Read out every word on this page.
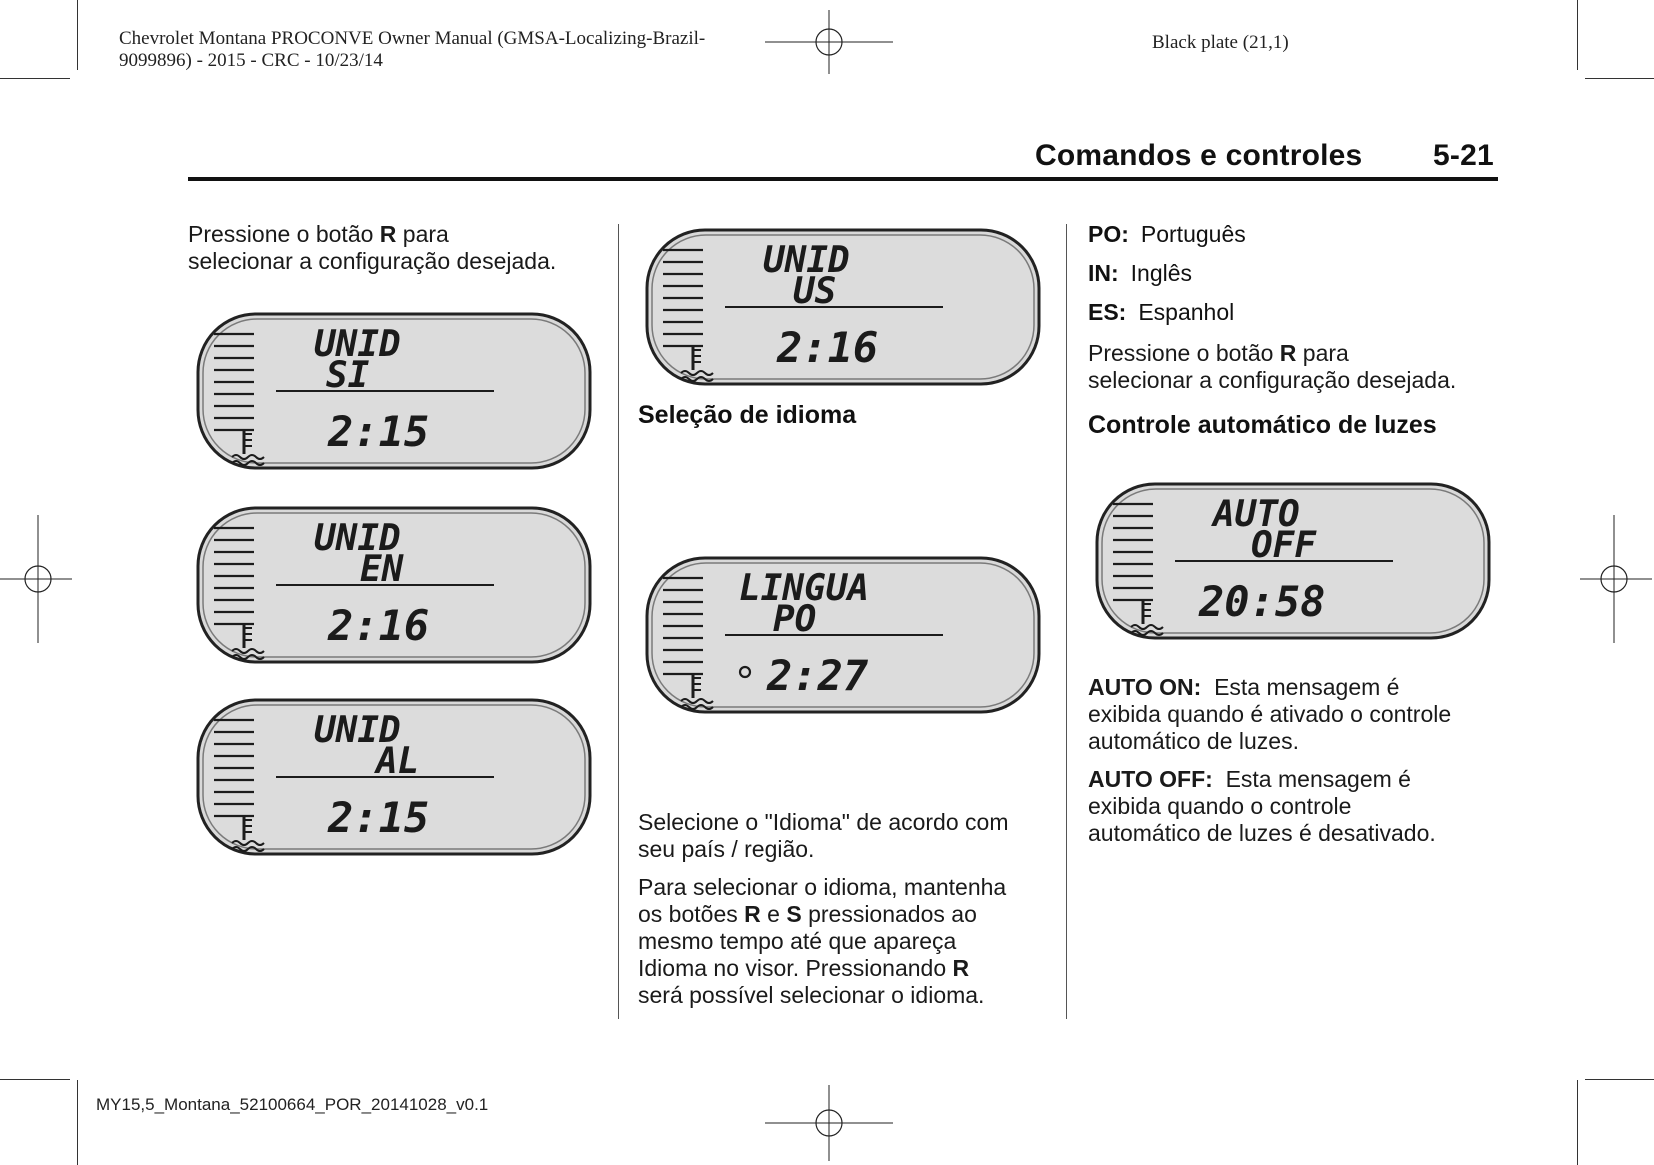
Chevrolet Montana PROCONVE Owner Manual (GMSA-Localizing-Brazil-
9099896) - 2015 - CRC - 10/23/14
Black plate (21,1)
Comandos e controles 5-21
Pressione o botão R para
selecionar a configuração desejada.
UNID
SI
2:15
UNID
EN
2:16
UNID
AL
2:15
UNID
US
2:16
Seleção de idioma
LINGUA
PO
2:27
Selecione o "Idioma" de acordo com
seu país / região.
Para selecionar o idioma, mantenha
os botões R e S pressionados ao
mesmo tempo até que apareça
Idioma no visor. Pressionando R
será possível selecionar o idioma.
PO: Português
IN: Inglês
ES: Espanhol
Pressione o botão R para
selecionar a configuração desejada.
Controle automático de luzes
AUTO
OFF
20:58
AUTO ON: Esta mensagem é
exibida quando é ativado o controle
automático de luzes.
AUTO OFF: Esta mensagem é
exibida quando o controle
automático de luzes é desativado.
MY15,5_Montana_52100664_POR_20141028_v0.1
